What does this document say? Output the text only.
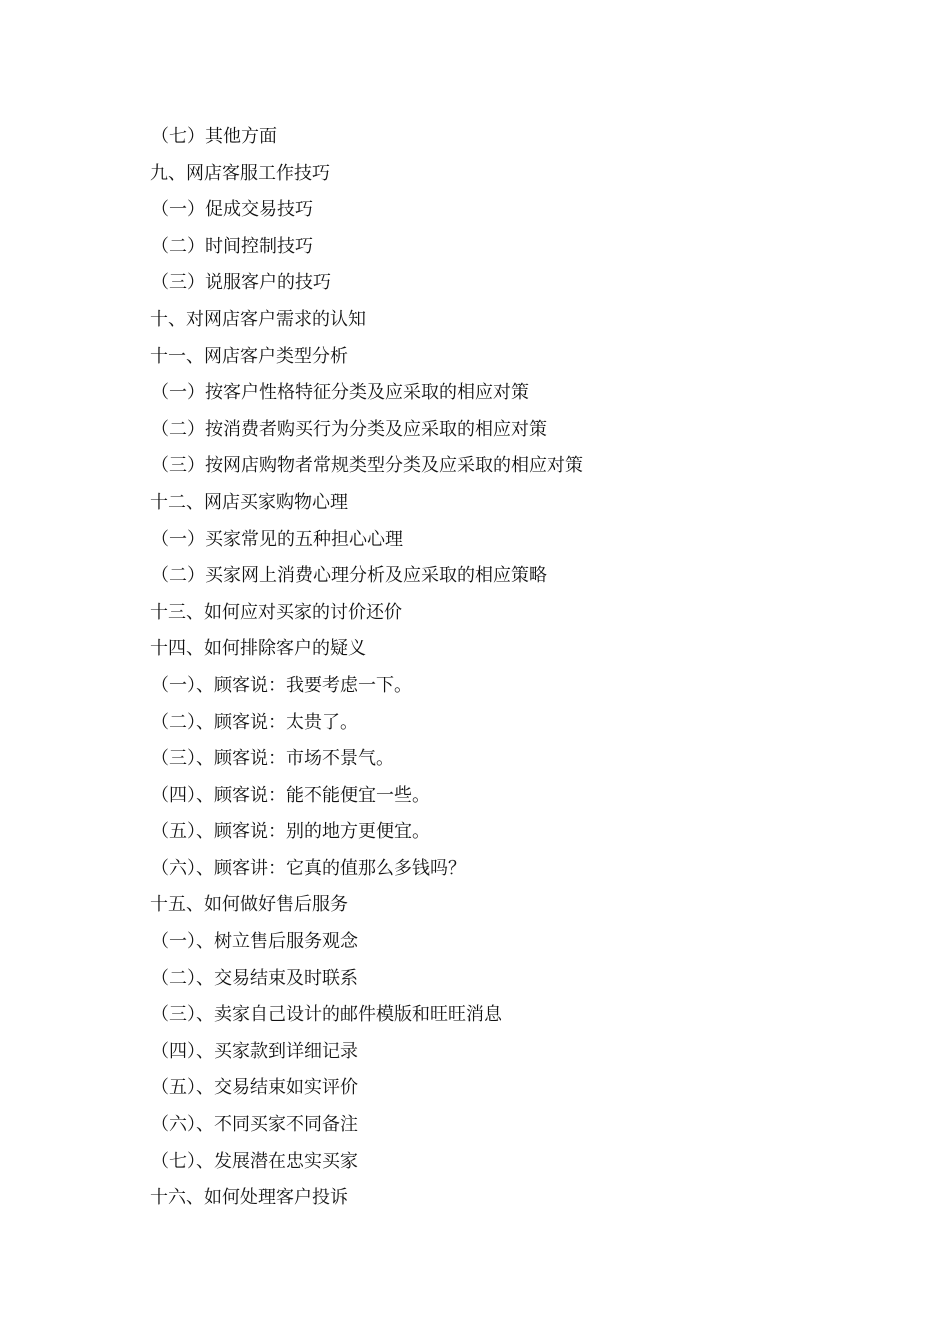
（七）其他方面
九、网店客服工作技巧
（一）促成交易技巧
（二）时间控制技巧
（三）说服客户的技巧
十、对网店客户需求的认知
十一、网店客户类型分析
（一）按客户性格特征分类及应采取的相应对策
（二）按消费者购买行为分类及应采取的相应对策
（三）按网店购物者常规类型分类及应采取的相应对策
十二、网店买家购物心理
（一）买家常见的五种担心心理
（二）买家网上消费心理分析及应采取的相应策略
十三、如何应对买家的讨价还价
十四、如何排除客户的疑义
（一）、顾客说：我要考虑一下。
（二）、顾客说：太贵了。
（三）、顾客说：市场不景气。
（四）、顾客说：能不能便宜一些。
（五）、顾客说：别的地方更便宜。
（六）、顾客讲：它真的值那么多钱吗？
十五、如何做好售后服务
（一）、树立售后服务观念
（二）、交易结束及时联系
（三）、卖家自己设计的邮件模版和旺旺消息
（四）、买家款到详细记录
（五）、交易结束如实评价
（六）、不同买家不同备注
（七）、发展潜在忠实买家
十六、如何处理客户投诉
